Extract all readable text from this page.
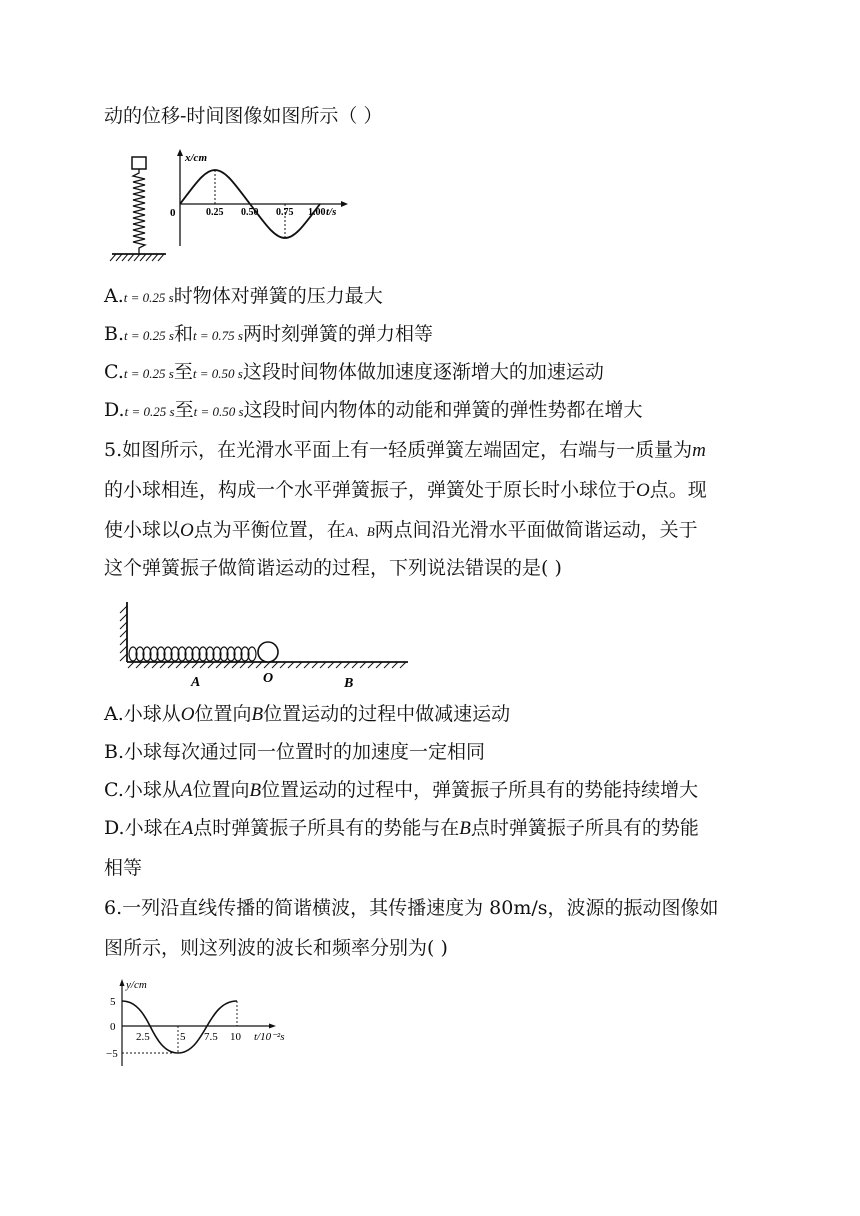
动的位移-时间图像如图所示（ ）
x/cm
0	t/s
0.25 0.50 0.75 1.00
A.t = 0.25 s时物体对弹簧的压力最大
B.t = 0.25 s和t = 0.75 s两时刻弹簧的弹力相等
C.t = 0.25 s至t = 0.50 s这段时间物体做加速度逐渐增大的加速运动
D.t = 0.25 s至t = 0.50 s这段时间内物体的动能和弹簧的弹性势都在增大
5.如图所示，在光滑水平面上有一轻质弹簧左端固定，右端与一质量为m
的小球相连，构成一个水平弹簧振子，弹簧处于原长时小球位于O点。现
使小球以O点为平衡位置，在A、B两点间沿光滑水平面做简谐运动，关于
这个弹簧振子做简谐运动的过程，下列说法错误的是( )
A	O	B
A.小球从O位置向B位置运动的过程中做减速运动
B.小球每次通过同一位置时的加速度一定相同
C.小球从A位置向B位置运动的过程中，弹簧振子所具有的势能持续增大
D.小球在A点时弹簧振子所具有的势能与在B点时弹簧振子所具有的势能
相等
6.一列沿直线传播的简谐横波，其传播速度为 80m/s，波源的振动图像如
图所示，则这列波的波长和频率分别为( )
y/cm
5
0
−5
2.5	5 7.5 10 t/10⁻²s
